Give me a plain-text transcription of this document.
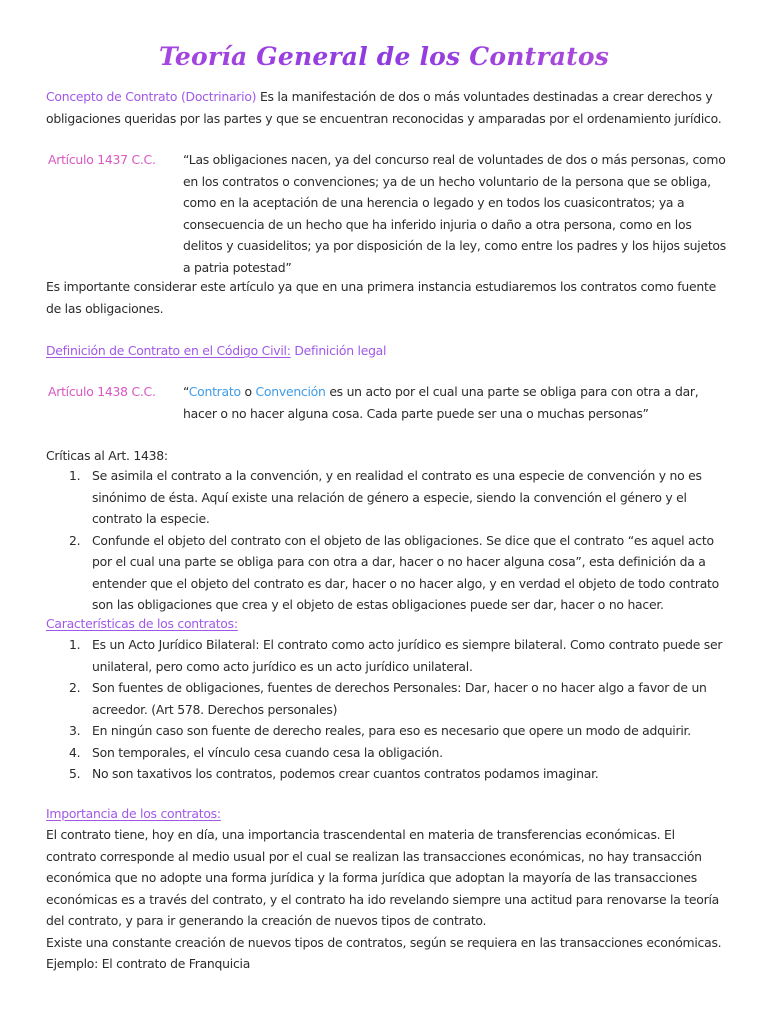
Teoría General de los Contratos

Concepto de Contrato (Doctrinario) Es la manifestación de dos o más voluntades destinadas a crear derechos y obligaciones queridas por las partes y que se encuentran reconocidas y amparadas por el ordenamiento jurídico.

Artículo 1437 C.C. “Las obligaciones nacen, ya del concurso real de voluntades de dos o más personas, como en los contratos o convenciones; ya de un hecho voluntario de la persona que se obliga, como en la aceptación de una herencia o legado y en todos los cuasicontratos; ya a consecuencia de un hecho que ha inferido injuria o daño a otra persona, como en los delitos y cuasidelitos; ya por disposición de la ley, como entre los padres y los hijos sujetos a patria potestad”

Es importante considerar este artículo ya que en una primera instancia estudiaremos los contratos como fuente de las obligaciones.

Definición de Contrato en el Código Civil: Definición legal

Artículo 1438 C.C. “Contrato o Convención es un acto por el cual una parte se obliga para con otra a dar, hacer o no hacer alguna cosa. Cada parte puede ser una o muchas personas”

Críticas al Art. 1438:

1. Se asimila el contrato a la convención, y en realidad el contrato es una especie de convención y no es sinónimo de ésta. Aquí existe una relación de género a especie, siendo la convención el género y el contrato la especie.
2. Confunde el objeto del contrato con el objeto de las obligaciones. Se dice que el contrato “es aquel acto por el cual una parte se obliga para con otra a dar, hacer o no hacer alguna cosa”, esta definición da a entender que el objeto del contrato es dar, hacer o no hacer algo, y en verdad el objeto de todo contrato son las obligaciones que crea y el objeto de estas obligaciones puede ser dar, hacer o no hacer.

Características de los contratos:

1. Es un Acto Jurídico Bilateral: El contrato como acto jurídico es siempre bilateral. Como contrato puede ser unilateral, pero como acto jurídico es un acto jurídico unilateral.
2. Son fuentes de obligaciones, fuentes de derechos Personales: Dar, hacer o no hacer algo a favor de un acreedor. (Art 578. Derechos personales)
3. En ningún caso son fuente de derecho reales, para eso es necesario que opere un modo de adquirir.
4. Son temporales, el vínculo cesa cuando cesa la obligación.
5. No son taxativos los contratos, podemos crear cuantos contratos podamos imaginar.

Importancia de los contratos:

El contrato tiene, hoy en día, una importancia trascendental en materia de transferencias económicas. El contrato corresponde al medio usual por el cual se realizan las transacciones económicas, no hay transacción económica que no adopte una forma jurídica y la forma jurídica que adoptan la mayoría de las transacciones económicas es a través del contrato, y el contrato ha ido revelando siempre una actitud para renovarse la teoría del contrato, y para ir generando la creación de nuevos tipos de contrato.
Existe una constante creación de nuevos tipos de contratos, según se requiera en las transacciones económicas.
Ejemplo: El contrato de Franquicia
